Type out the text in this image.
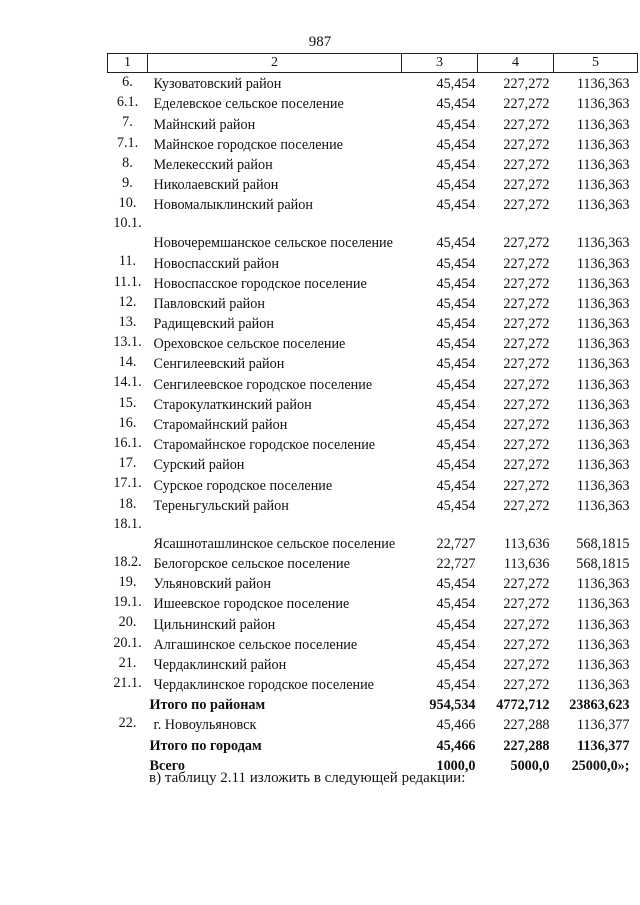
987
1	2	3	4	5
6.	Кузоватовский район	45,454	227,272	1136,363
6.1.	Еделевское сельское поселение	45,454	227,272	1136,363
7.	Майнский район	45,454	227,272	1136,363
7.1.	Майнское городское поселение	45,454	227,272	1136,363
8.	Мелекесский район	45,454	227,272	1136,363
9.	Николаевский район	45,454	227,272	1136,363
10.	Новомалыклинский район	45,454	227,272	1136,363
10.1.	Новочеремшанское сельское поселение	45,454	227,272	1136,363
11.	Новоспасский район	45,454	227,272	1136,363
11.1.	Новоспасское городское поселение	45,454	227,272	1136,363
12.	Павловский район	45,454	227,272	1136,363
13.	Радищевский район	45,454	227,272	1136,363
13.1.	Ореховское сельское поселение	45,454	227,272	1136,363
14.	Сенгилеевский район	45,454	227,272	1136,363
14.1.	Сенгилеевское городское поселение	45,454	227,272	1136,363
15.	Старокулаткинский район	45,454	227,272	1136,363
16.	Старомайнский район	45,454	227,272	1136,363
16.1.	Старомайнское городское поселение	45,454	227,272	1136,363
17.	Сурский район	45,454	227,272	1136,363
17.1.	Сурское городское поселение	45,454	227,272	1136,363
18.	Тереньгульский район	45,454	227,272	1136,363
18.1.	Ясашноташлинское сельское поселение	22,727	113,636	568,1815
18.2.	Белогорское сельское поселение	22,727	113,636	568,1815
19.	Ульяновский район	45,454	227,272	1136,363
19.1.	Ишеевское городское поселение	45,454	227,272	1136,363
20.	Цильнинский район	45,454	227,272	1136,363
20.1.	Алгашинское сельское поселение	45,454	227,272	1136,363
21.	Чердаклинский район	45,454	227,272	1136,363
21.1.	Чердаклинское городское поселение	45,454	227,272	1136,363
	Итого по районам	954,534	4772,712	23863,623
22.	г. Новоульяновск	45,466	227,288	1136,377
	Итого по городам	45,466	227,288	1136,377
	Всего	1000,0	5000,0	25000,0»;
в) таблицу 2.11 изложить в следующей редакции:
